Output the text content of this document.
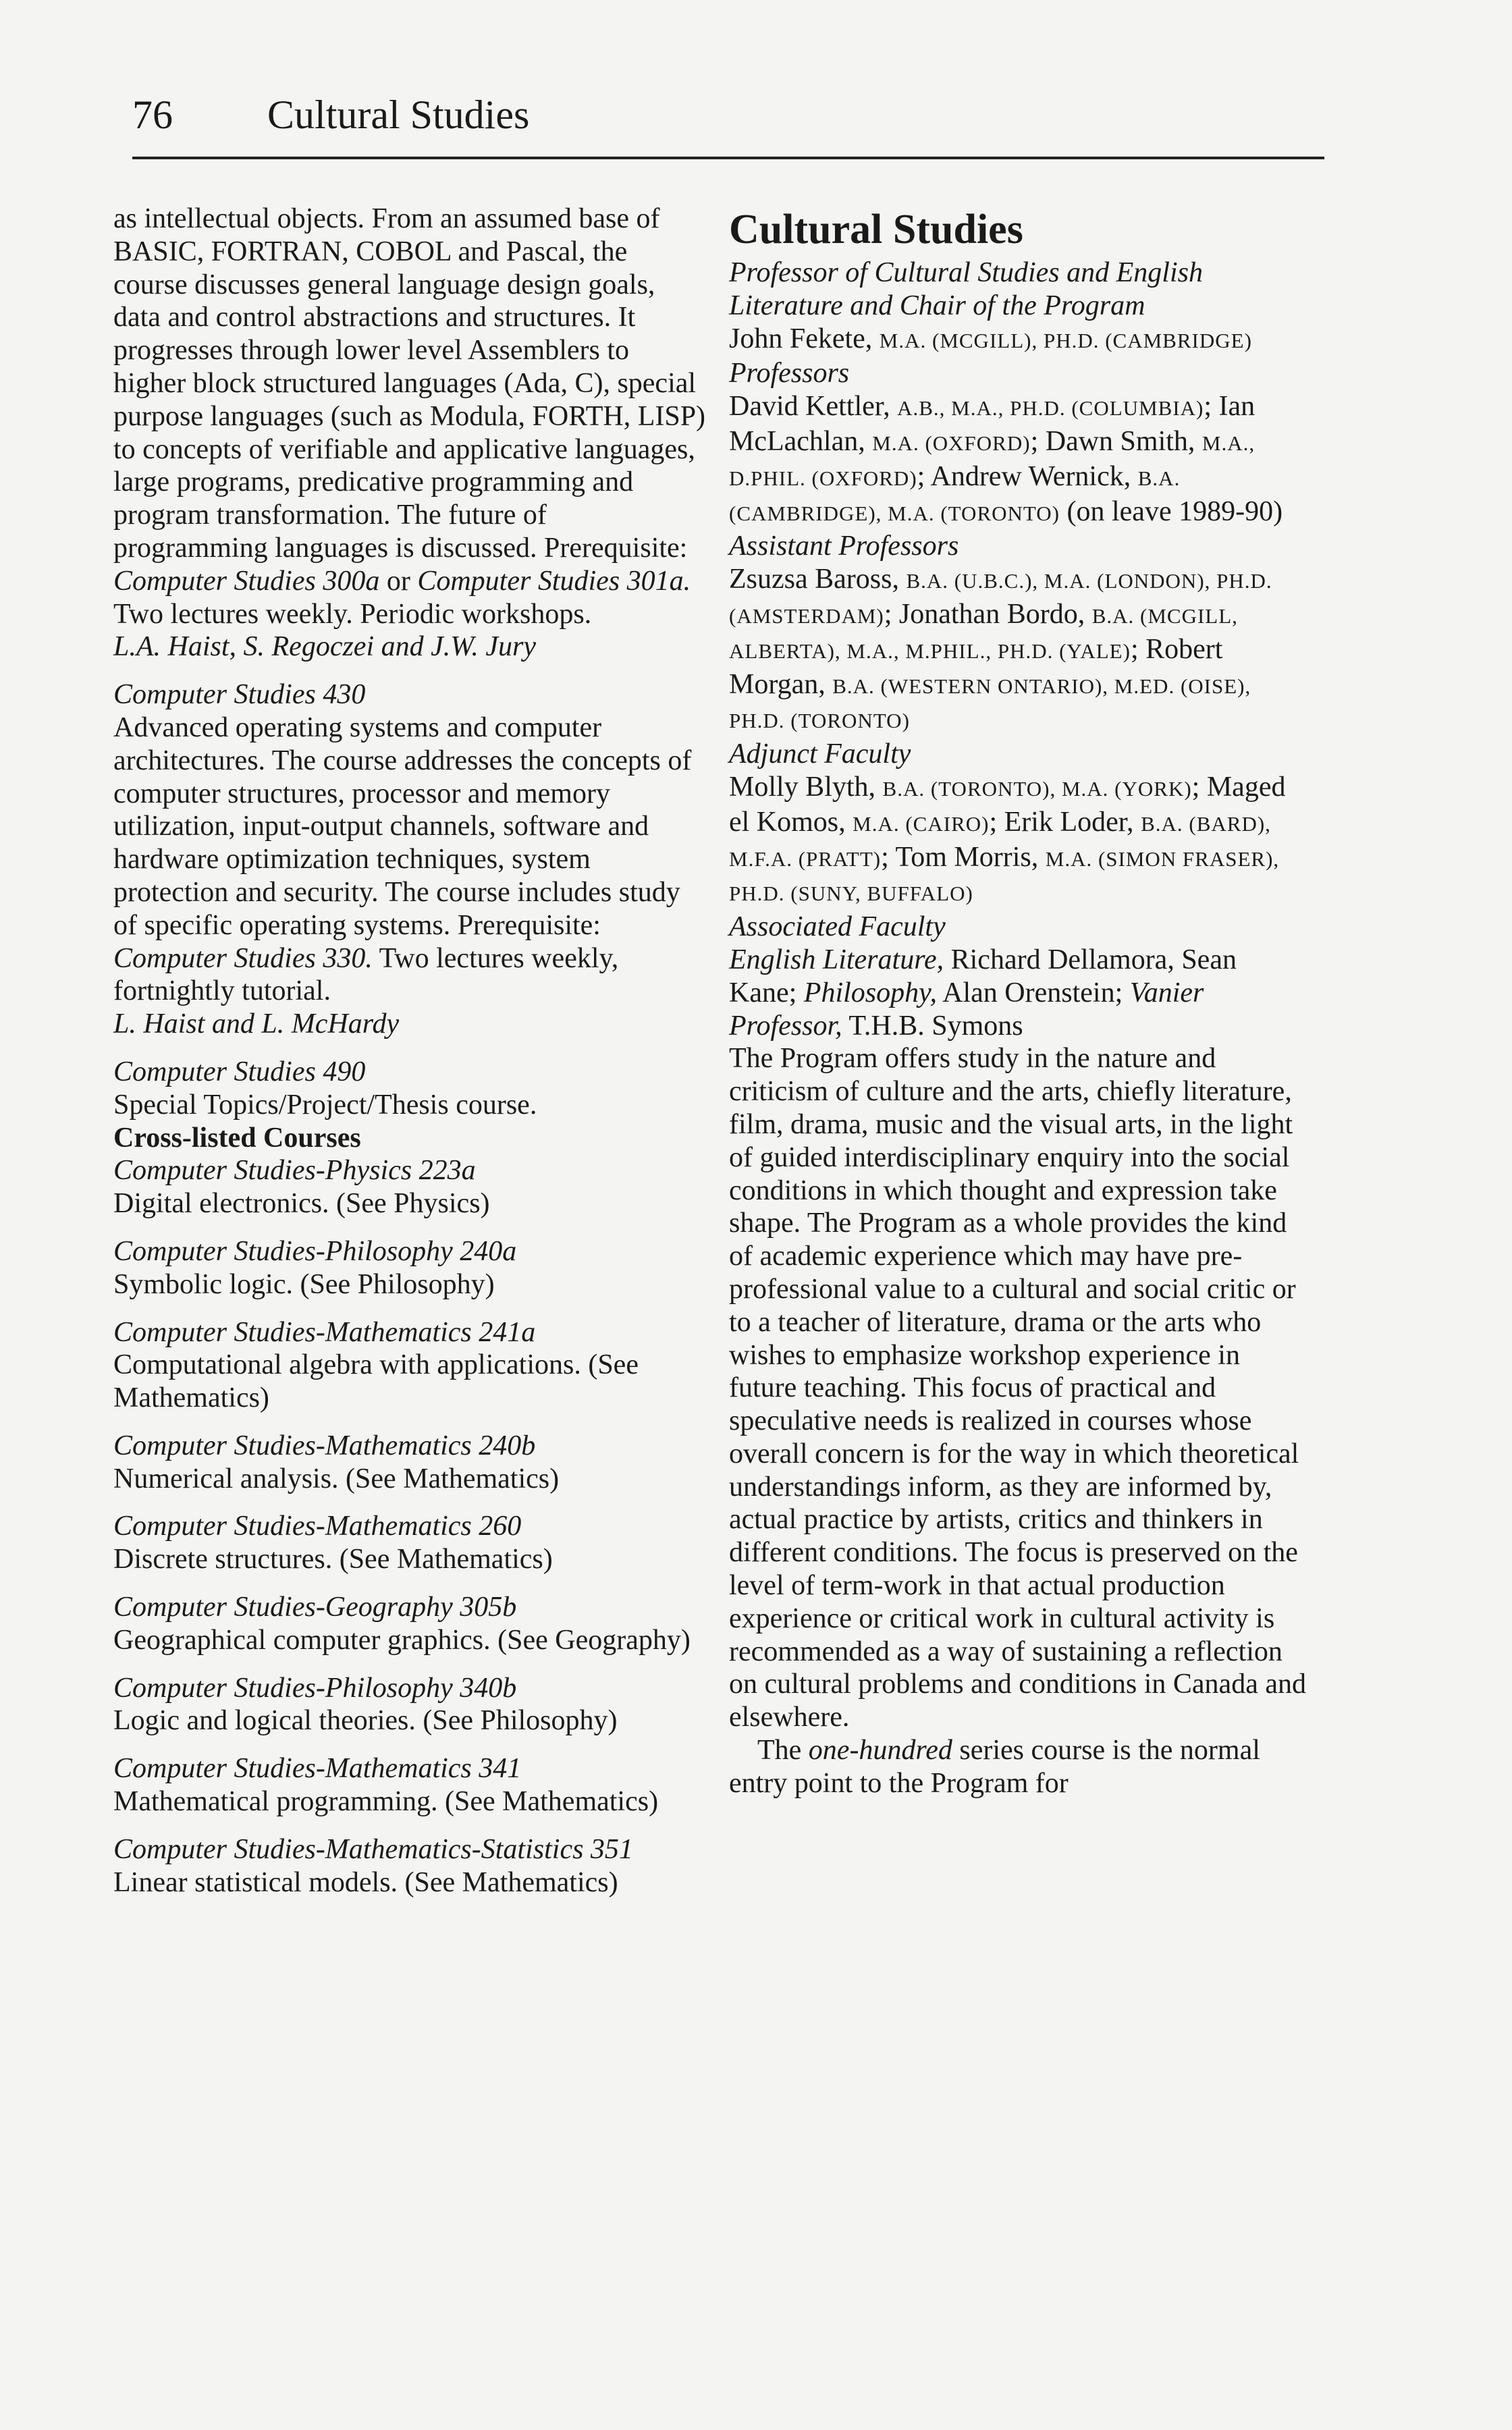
76 Cultural Studies

as intellectual objects. From an assumed base of BASIC, FORTRAN, COBOL and Pascal, the course discusses general language design goals, data and control abstractions and structures. It progresses through lower level Assemblers to higher block structured languages (Ada, C), special purpose languages (such as Modula, FORTH, LISP) to concepts of verifiable and applicative languages, large programs, predicative programming and program transformation. The future of programming languages is discussed. Prerequisite: Computer Studies 300a or Computer Studies 301a. Two lectures weekly. Periodic workshops.

L.A. Haist, S. Regoczei and J.W. Jury

Computer Studies 430

Advanced operating systems and computer architectures. The course addresses the concepts of computer structures, processor and memory utilization, input-output channels, software and hardware optimization techniques, system protection and security. The course includes study of specific operating systems. Prerequisite: Computer Studies 330. Two lectures weekly, fortnightly tutorial.

L. Haist and L. McHardy

Computer Studies 490

Special Topics/Project/Thesis course.

Cross-listed Courses

Computer Studies-Physics 223a

Digital electronics. (See Physics)

Computer Studies-Philosophy 240a

Symbolic logic. (See Philosophy)

Computer Studies-Mathematics 241a

Computational algebra with applications. (See Mathematics)

Computer Studies-Mathematics 240b

Numerical analysis. (See Mathematics)

Computer Studies-Mathematics 260

Discrete structures. (See Mathematics)

Computer Studies-Geography 305b

Geographical computer graphics. (See Geography)

Computer Studies-Philosophy 340b

Logic and logical theories. (See Philosophy)

Computer Studies-Mathematics 341

Mathematical programming. (See Mathematics)

Computer Studies-Mathematics-Statistics 351

Linear statistical models. (See Mathematics)

Cultural Studies

Professor of Cultural Studies and English Literature and Chair of the Program

John Fekete, M.A. (MCGILL), PH.D. (CAMBRIDGE)

Professors

David Kettler, A.B., M.A., PH.D. (COLUMBIA); Ian McLachlan, M.A. (OXFORD); Dawn Smith, M.A., D.PHIL. (OXFORD); Andrew Wernick, B.A. (CAMBRIDGE), M.A. (TORONTO) (on leave 1989-90)

Assistant Professors

Zsuzsa Baross, B.A. (U.B.C.), M.A. (LONDON), PH.D. (AMSTERDAM); Jonathan Bordo, B.A. (MCGILL, ALBERTA), M.A., M.PHIL., PH.D. (YALE); Robert Morgan, B.A. (WESTERN ONTARIO), M.ED. (OISE), PH.D. (TORONTO)

Adjunct Faculty

Molly Blyth, B.A. (TORONTO), M.A. (YORK); Maged el Komos, M.A. (CAIRO); Erik Loder, B.A. (BARD), M.F.A. (PRATT); Tom Morris, M.A. (SIMON FRASER), PH.D. (SUNY, BUFFALO)

Associated Faculty

English Literature, Richard Dellamora, Sean Kane; Philosophy, Alan Orenstein; Vanier Professor, T.H.B. Symons

The Program offers study in the nature and criticism of culture and the arts, chiefly literature, film, drama, music and the visual arts, in the light of guided interdisciplinary enquiry into the social conditions in which thought and expression take shape. The Program as a whole provides the kind of academic experience which may have pre-professional value to a cultural and social critic or to a teacher of literature, drama or the arts who wishes to emphasize workshop experience in future teaching. This focus of practical and speculative needs is realized in courses whose overall concern is for the way in which theoretical understandings inform, as they are informed by, actual practice by artists, critics and thinkers in different conditions. The focus is preserved on the level of term-work in that actual production experience or critical work in cultural activity is recommended as a way of sustaining a reflection on cultural problems and conditions in Canada and elsewhere.

The one-hundred series course is the normal entry point to the Program for
